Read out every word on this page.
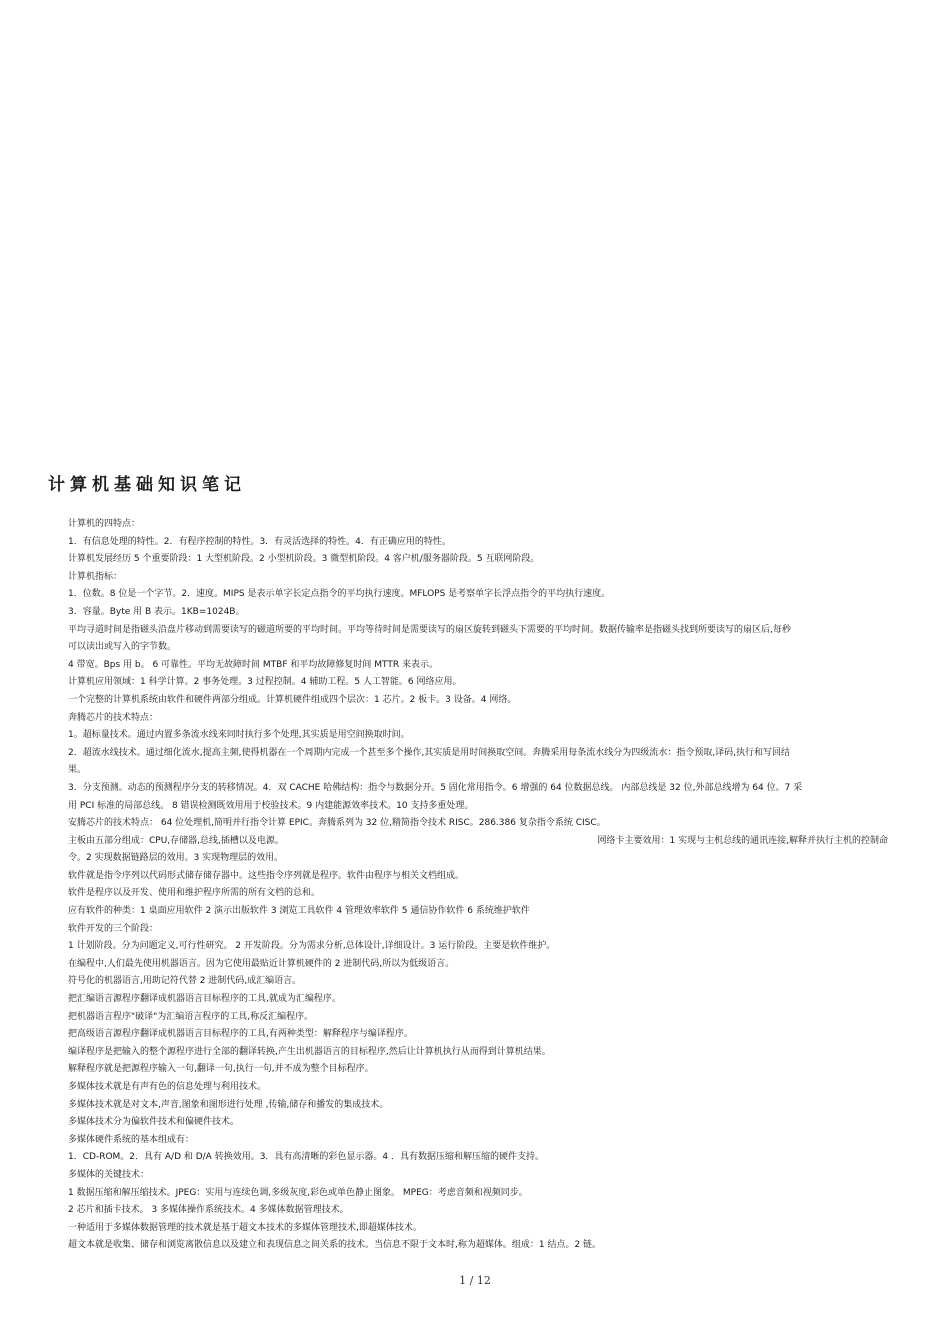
计算机基础知识笔记

计算机的四特点：

1．有信息处理的特性。2．有程序控制的特性。3．有灵活选择的特性。4．有正确应用的特性。

计算机发展经历 5 个重要阶段：1 大型机阶段。2 小型机阶段。3 微型机阶段。4 客户机/服务器阶段。5 互联网阶段。

计算机指标：

1．位数。8 位是一个字节。2．速度。MIPS 是表示单字长定点指令的平均执行速度。MFLOPS 是考察单字长浮点指令的平均执行速度。

3．容量。Byte 用 B 表示。1KB=1024B。

平均寻道时间是指磁头沿盘片移动到需要读写的磁道所要的平均时间。平均等待时间是需要读写的扇区旋转到磁头下需要的平均时间。数据传输率是指磁头找到所要读写的扇区后,每秒

可以读出或写入的字节数。

4 带宽。Bps 用 b。 6 可靠性。平均无故障时间 MTBF 和平均故障修复时间 MTTR 来表示。

计算机应用领域：1 科学计算。2 事务处理。3 过程控制。4 辅助工程。5 人工智能。6 网络应用。

一个完整的计算机系统由软件和硬件两部分组成。计算机硬件组成四个层次：1 芯片。2 板卡。3 设备。4 网络。

奔腾芯片的技术特点：

1。超标量技术。通过内置多条流水线来同时执行多个处理,其实质是用空间换取时间。

2．超流水线技术。通过细化流水,提高主频,使得机器在一个周期内完成一个甚至多个操作,其实质是用时间换取空间。奔腾采用每条流水线分为四级流水：指令预取,译码,执行和写回结

果。

3．分支预测。动态的预测程序分支的转移情况。4．双 CACHE 哈佛结构：指令与数据分开。5 固化常用指令。6 增强的 64 位数据总线。 内部总线是 32 位,外部总线增为 64 位。7 采

用 PCI 标准的局部总线。 8 错误检测既效用用于校验技术。9 内建能源效率技术。10 支持多重处理。

安腾芯片的技术特点： 64 位处理机,简明并行指令计算 EPIC。奔腾系列为 32 位,精简指令技术 RISC。286.386 复杂指令系统 CISC。

主板由五部分组成：CPU,存储器,总线,插槽以及电源。	网络卡主要效用：1 实现与主机总线的通讯连接,解释并执行主机的控制命

令。2 实现数据链路层的效用。3 实现物理层的效用。

软件就是指令序列以代码形式储存储存器中。这些指令序列就是程序。软件由程序与相关文档组成。

软件是程序以及开发、使用和维护程序所需的所有文档的总和。

应有软件的种类：1 桌面应用软件 2 演示出版软件 3 浏览工具软件 4 管理效率软件 5 通信协作软件 6 系统维护软件

软件开发的三个阶段：

1 计划阶段。分为问题定义,可行性研究。 2 开发阶段。分为需求分析,总体设计,详细设计。3 运行阶段。主要是软件维护。

在编程中,人们最先使用机器语言。因为它使用最贴近计算机硬件的 2 进制代码,所以为低级语言。

符号化的机器语言,用助记符代替 2 进制代码,成汇编语言。

把汇编语言源程序翻译成机器语言目标程序的工具,就成为汇编程序。

把机器语言程序"破译"为汇编语言程序的工具,称反汇编程序。

把高级语言源程序翻译成机器语言目标程序的工具,有两种类型：解释程序与编译程序。

编译程序是把输入的整个源程序进行全部的翻译转换,产生出机器语言的目标程序,然后让计算机执行从而得到计算机结果。

解释程序就是把源程序输入一句,翻译一句,执行一句,并不成为整个目标程序。

多媒体技术就是有声有色的信息处理与利用技术。

多媒体技术就是对文本,声音,图象和图形进行处理 ,传输,储存和播发的集成技术。

多媒体技术分为偏软件技术和偏硬件技术。

多媒体硬件系统的基本组成有：

1．CD-ROM。2．具有 A/D 和 D/A 转换效用。3．具有高清晰的彩色显示器。4 ．具有数据压缩和解压缩的硬件支持。

多媒体的关键技术：

1 数据压缩和解压缩技术。JPEG：实用与连续色调,多级灰度,彩色或单色静止图象。 MPEG：考虑音频和视频同步。

2 芯片和插卡技术。 3 多媒体操作系统技术。4 多媒体数据管理技术。

一种适用于多媒体数据管理的技术就是基于超文本技术的多媒体管理技术,即超媒体技术。

超文本就是收集、储存和浏览离散信息以及建立和表现信息之间关系的技术。当信息不限于文本时,称为超媒体。组成：1 结点。2 链。

1 / 12
